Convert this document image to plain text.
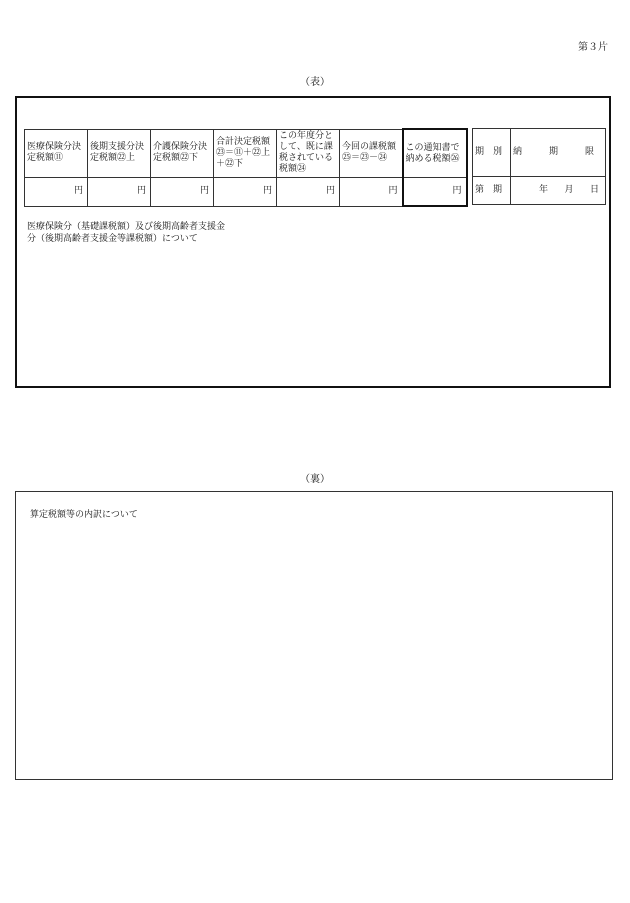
第３片
（表）
医療保険分決定税額⑪	後期支援分決定税額㉒上	介護保険分決定税額㉒下	合計決定税額㉓＝⑪＋㉒上＋㉒下	この年度分として、既に課税されている税額㉔	今回の課税額㉕＝㉓－㉔	この通知書で納める税額㉖
円	円	円	円	円	円	円
期　別	納　　　期　　　限
第　期	年 月 日
医療保険分（基礎課税額）及び後期高齢者支援金分（後期高齢者支援金等課税額）について
（裏）
算定税額等の内訳について
